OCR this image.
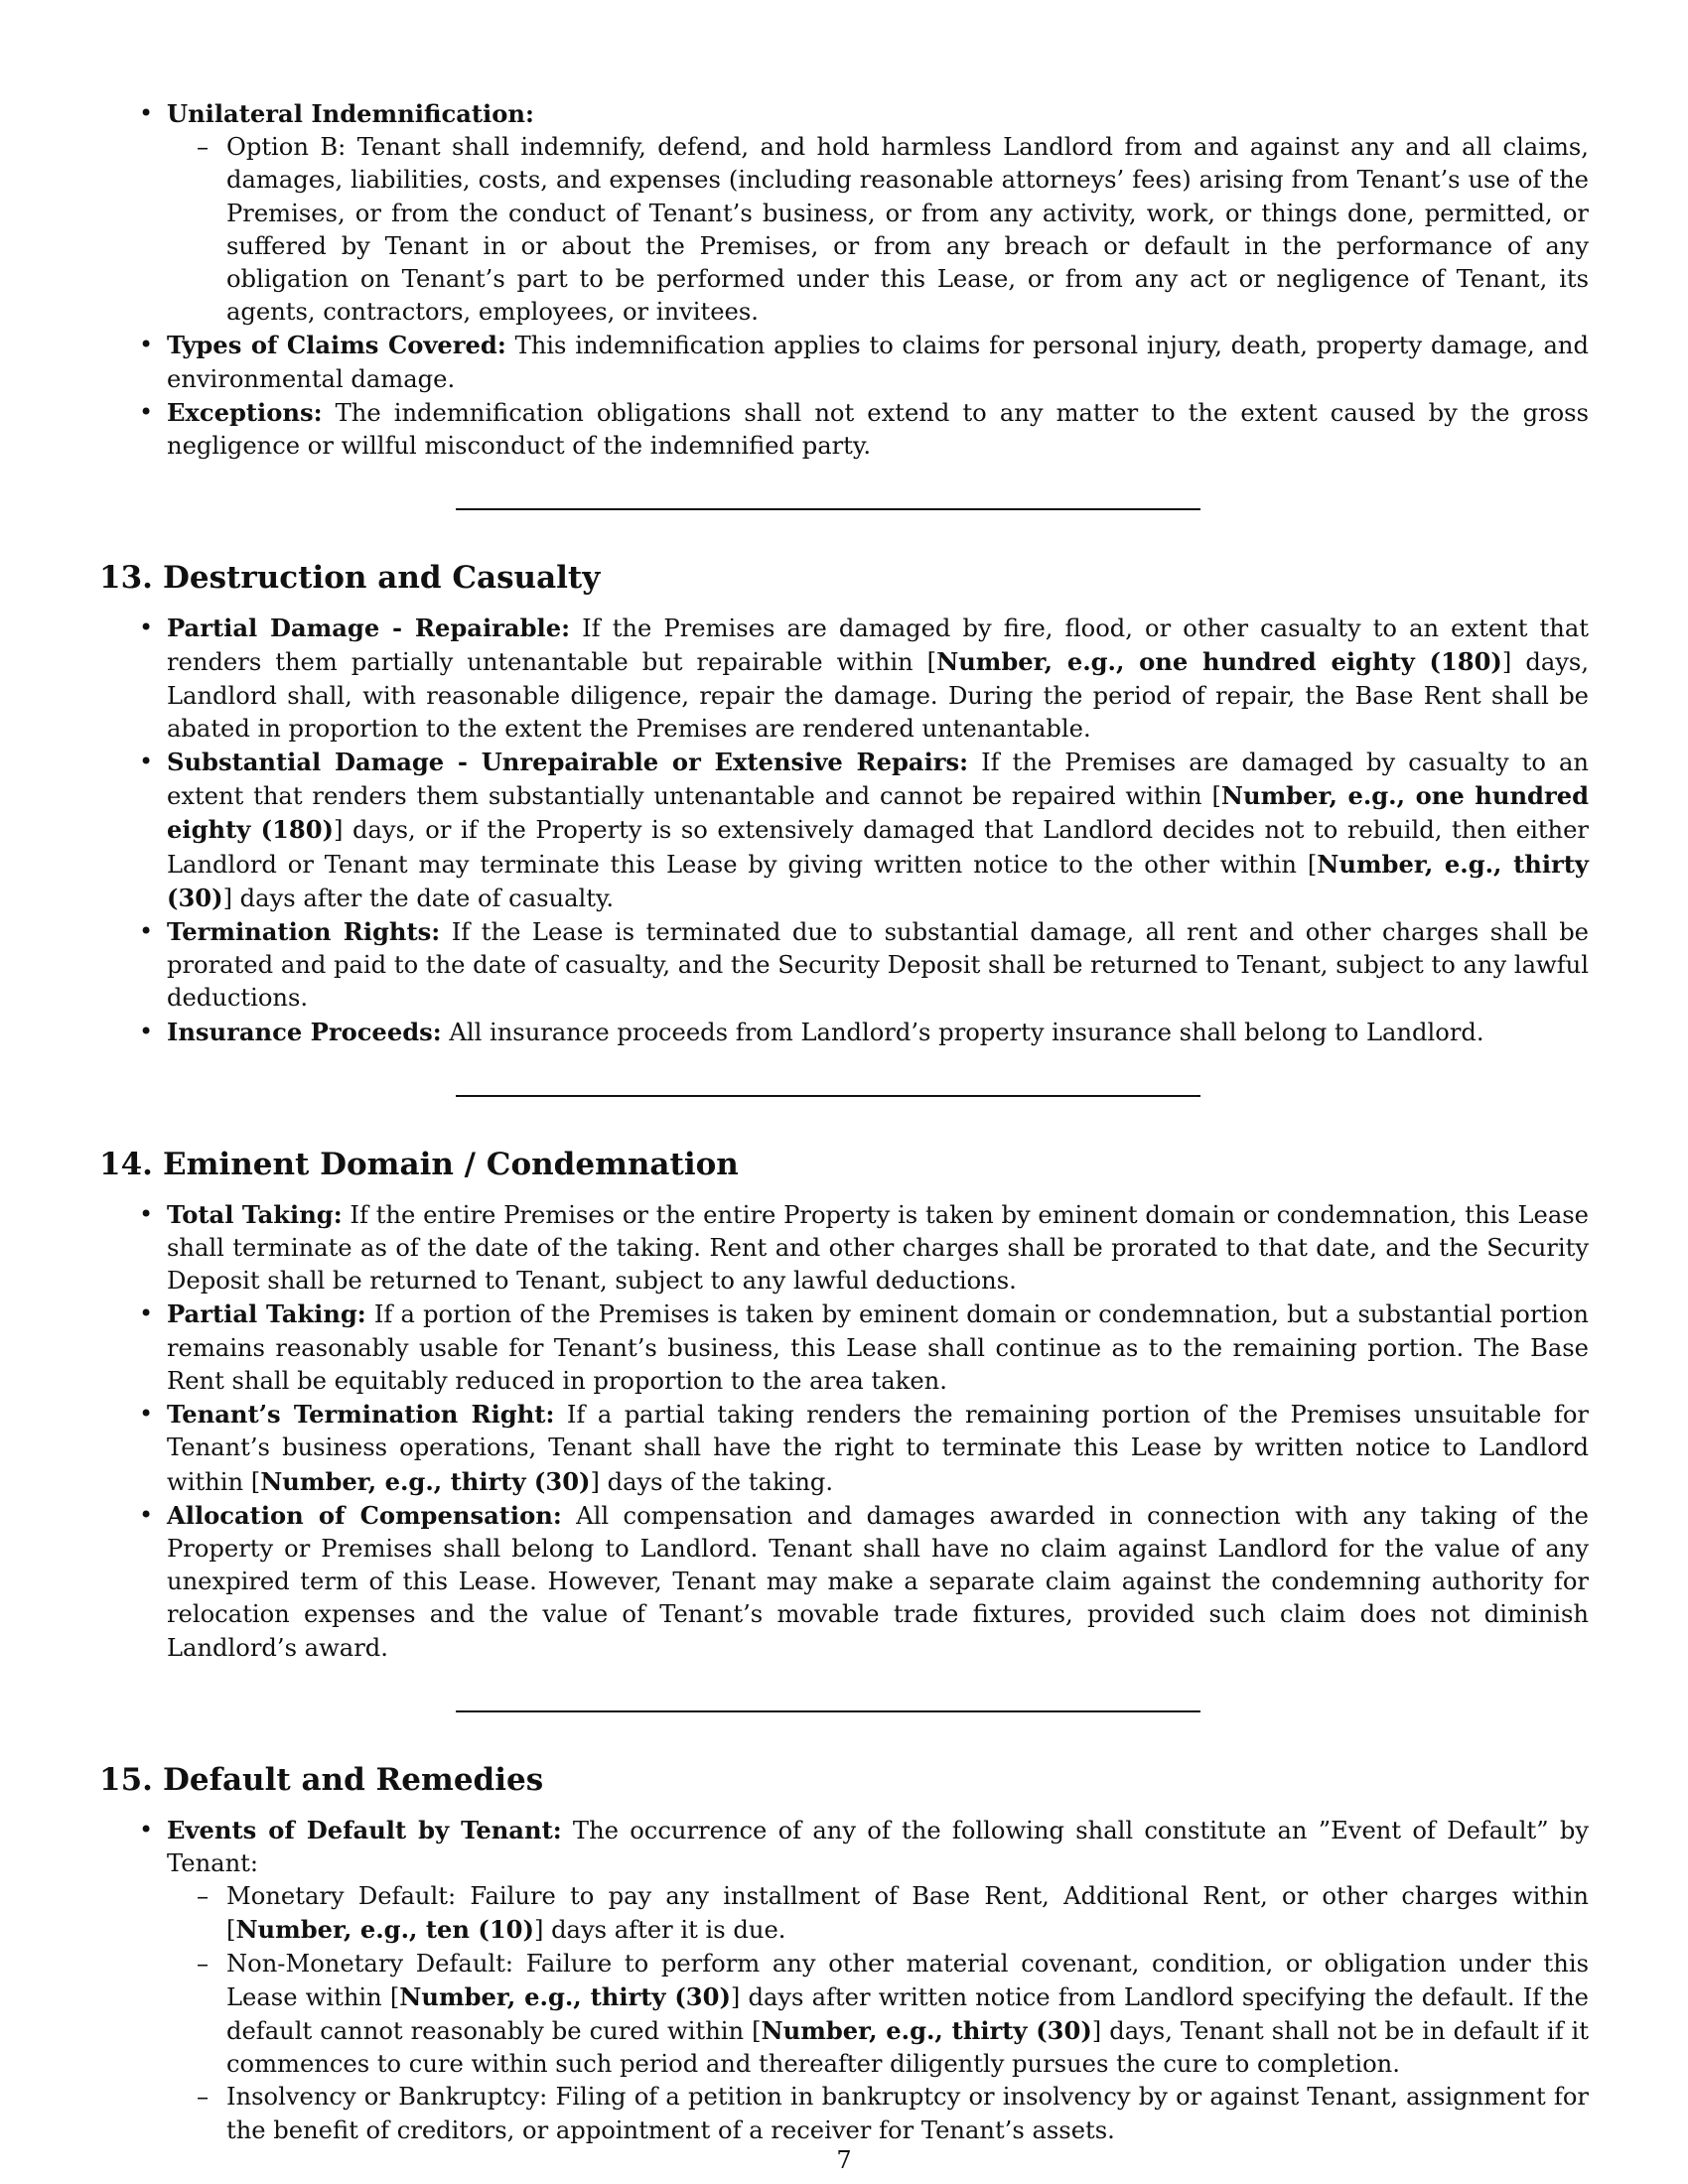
• Unilateral Indemnification:
– Option B: Tenant shall indemnify, defend, and hold harmless Landlord from and against any and all claims, damages, liabilities, costs, and expenses (including reasonable attorneys’ fees) arising from Tenant’s use of the Premises, or from the conduct of Tenant’s business, or from any activity, work, or things done, permitted, or suffered by Tenant in or about the Premises, or from any breach or default in the performance of any obligation on Tenant’s part to be performed under this Lease, or from any act or negligence of Tenant, its agents, contractors, employees, or invitees.
• Types of Claims Covered: This indemnification applies to claims for personal injury, death, property damage, and environmental damage.
• Exceptions: The indemnification obligations shall not extend to any matter to the extent caused by the gross negligence or willful misconduct of the indemnified party.
13. Destruction and Casualty
• Partial Damage - Repairable: If the Premises are damaged by fire, flood, or other casualty to an extent that renders them partially untenantable but repairable within [Number, e.g., one hundred eighty (180)] days, Landlord shall, with reasonable diligence, repair the damage. During the period of repair, the Base Rent shall be abated in proportion to the extent the Premises are rendered untenantable.
• Substantial Damage - Unrepairable or Extensive Repairs: If the Premises are damaged by casualty to an extent that renders them substantially untenantable and cannot be repaired within [Number, e.g., one hundred eighty (180)] days, or if the Property is so extensively damaged that Landlord decides not to rebuild, then either Landlord or Tenant may terminate this Lease by giving written notice to the other within [Number, e.g., thirty (30)] days after the date of casualty.
• Termination Rights: If the Lease is terminated due to substantial damage, all rent and other charges shall be prorated and paid to the date of casualty, and the Security Deposit shall be returned to Tenant, subject to any lawful deductions.
• Insurance Proceeds: All insurance proceeds from Landlord’s property insurance shall belong to Landlord.
14. Eminent Domain / Condemnation
• Total Taking: If the entire Premises or the entire Property is taken by eminent domain or condemnation, this Lease shall terminate as of the date of the taking. Rent and other charges shall be prorated to that date, and the Security Deposit shall be returned to Tenant, subject to any lawful deductions.
• Partial Taking: If a portion of the Premises is taken by eminent domain or condemnation, but a substantial portion remains reasonably usable for Tenant’s business, this Lease shall continue as to the remaining portion. The Base Rent shall be equitably reduced in proportion to the area taken.
• Tenant’s Termination Right: If a partial taking renders the remaining portion of the Premises unsuitable for Tenant’s business operations, Tenant shall have the right to terminate this Lease by written notice to Landlord within [Number, e.g., thirty (30)] days of the taking.
• Allocation of Compensation: All compensation and damages awarded in connection with any taking of the Property or Premises shall belong to Landlord. Tenant shall have no claim against Landlord for the value of any unexpired term of this Lease. However, Tenant may make a separate claim against the condemning authority for relocation expenses and the value of Tenant’s movable trade fixtures, provided such claim does not diminish Landlord’s award.
15. Default and Remedies
• Events of Default by Tenant: The occurrence of any of the following shall constitute an ”Event of Default” by Tenant:
– Monetary Default: Failure to pay any installment of Base Rent, Additional Rent, or other charges within [Number, e.g., ten (10)] days after it is due.
– Non-Monetary Default: Failure to perform any other material covenant, condition, or obligation under this Lease within [Number, e.g., thirty (30)] days after written notice from Landlord specifying the default. If the default cannot reasonably be cured within [Number, e.g., thirty (30)] days, Tenant shall not be in default if it commences to cure within such period and thereafter diligently pursues the cure to completion.
– Insolvency or Bankruptcy: Filing of a petition in bankruptcy or insolvency by or against Tenant, assignment for the benefit of creditors, or appointment of a receiver for Tenant’s assets.
7
